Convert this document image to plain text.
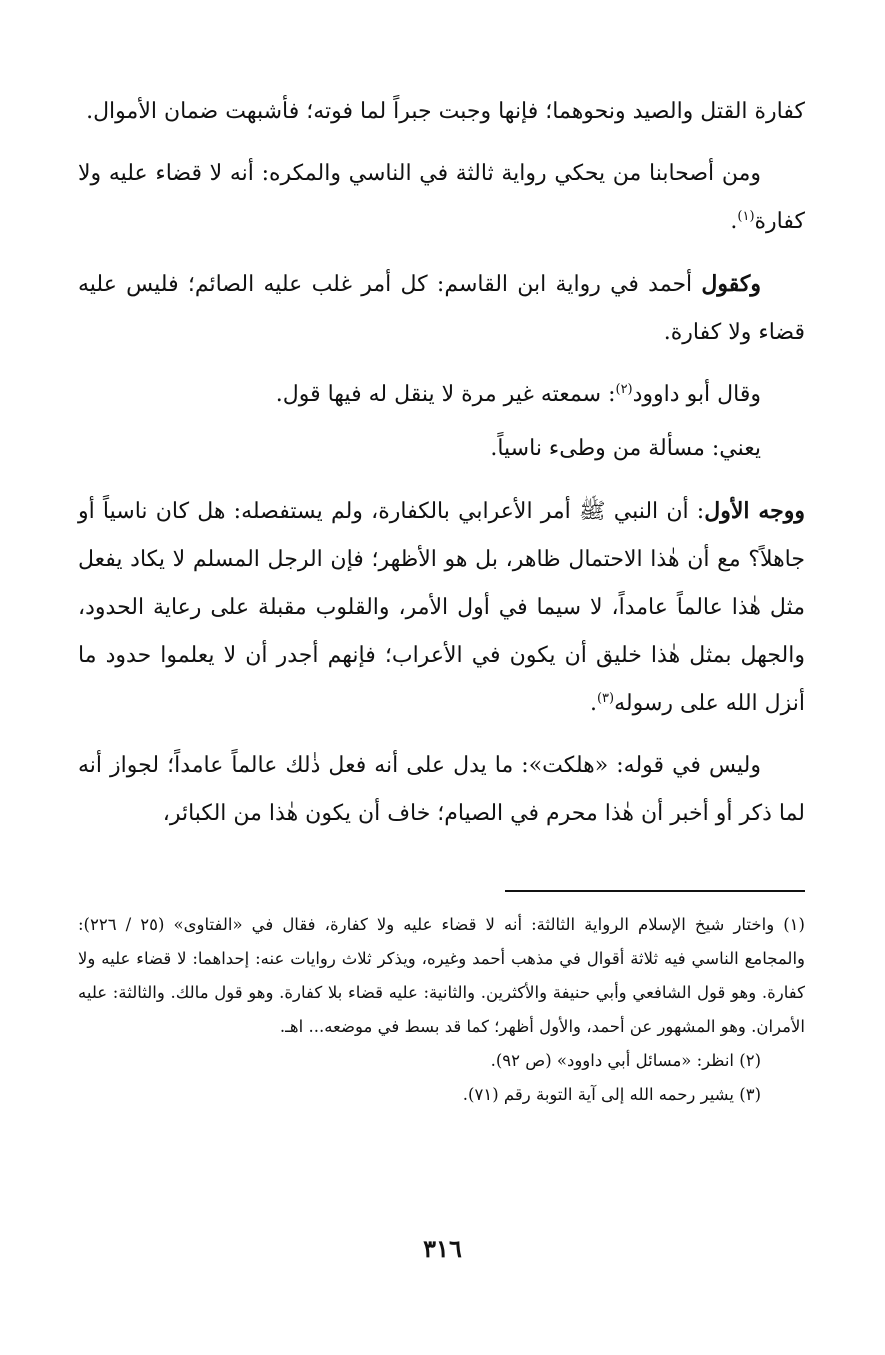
كفارة القتل والصيد ونحوهما؛ فإنها وجبت جبراً لما فوته؛ فأشبهت ضمان الأموال.

ومن أصحابنا من يحكي رواية ثالثة في الناسي والمكره: أنه لا قضاء عليه ولا كفارة$^{(١)}$.

وكقول أحمد في رواية ابن القاسم: كل أمر غلب عليه الصائم؛ فليس عليه قضاء ولا كفارة.

وقال أبو داوود$^{(٢)}$: سمعته غير مرة لا ينقل له فيها قول.

يعني: مسألة من وطىء ناسياً.

ووجه الأول: أن النبي ﷺ أمر الأعرابي بالكفارة، ولم يستفصله: هل كان ناسياً أو جاهلاً؟ مع أن هٰذا الاحتمال ظاهر، بل هو الأظهر؛ فإن الرجل المسلم لا يكاد يفعل مثل هٰذا عالماً عامداً، لا سيما في أول الأمر، والقلوب مقبلة على رعاية الحدود، والجهل بمثل هٰذا خليق أن يكون في الأعراب؛ فإنهم أجدر أن لا يعلموا حدود ما أنزل الله على رسوله$^{(٣)}$.

وليس في قوله: «هلكت»: ما يدل على أنه فعل ذٰلك عالماً عامداً؛ لجواز أنه لما ذكر أو أخبر أن هٰذا محرم في الصيام؛ خاف أن يكون هٰذا من الكبائر،

(١) واختار شيخ الإسلام الرواية الثالثة: أنه لا قضاء عليه ولا كفارة، فقال في «الفتاوى» (٢٥ / ٢٢٦): والمجامع الناسي فيه ثلاثة أقوال في مذهب أحمد وغيره، ويذكر ثلاث روايات عنه: إحداهما: لا قضاء عليه ولا كفارة. وهو قول الشافعي وأبي حنيفة والأكثرين. والثانية: عليه قضاء بلا كفارة. وهو قول مالك. والثالثة: عليه الأمران. وهو المشهور عن أحمد، والأول أظهر؛ كما قد بسط في موضعه... اهـ.

(٢) انظر: «مسائل أبي داوود» (ص ٩٢).

(٣) يشير رحمه الله إلى آية التوبة رقم (٧١).

٣١٦
